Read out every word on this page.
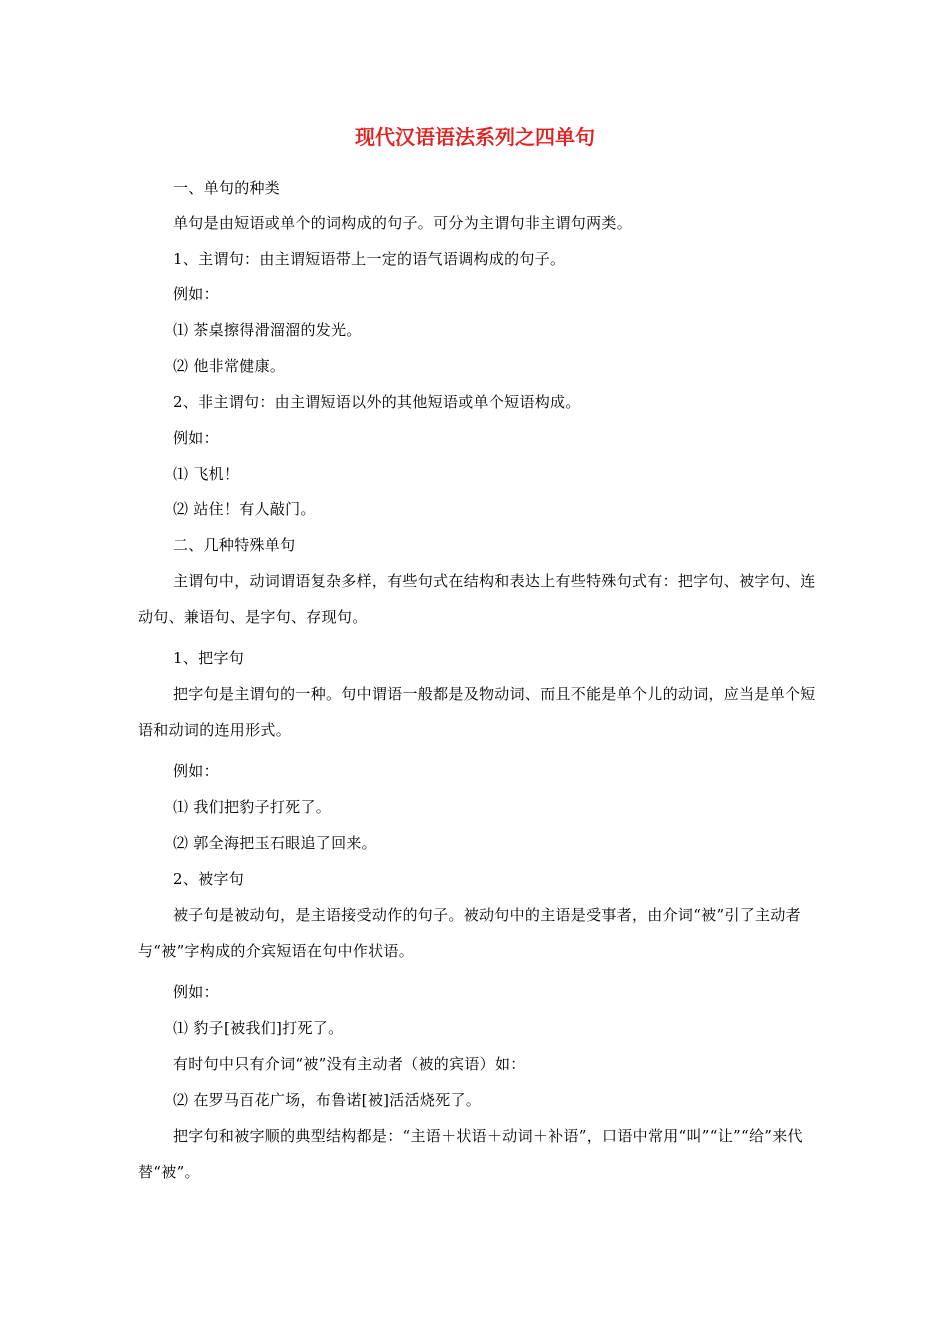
现代汉语语法系列之四单句

一、单句的种类

单句是由短语或单个的词构成的句子。可分为主谓句非主谓句两类。

1、主谓句：由主谓短语带上一定的语气语调构成的句子。

例如：

⑴ 茶桌擦得滑溜溜的发光。

⑵ 他非常健康。

2、非主谓句：由主谓短语以外的其他短语或单个短语构成。

例如：

⑴ 飞机！

⑵ 站住！有人敲门。

二、几种特殊单句

主谓句中，动词谓语复杂多样，有些句式在结构和表达上有些特殊句式有：把字句、被字句、连动句、兼语句、是字句、存现句。

1、把字句

把字句是主谓句的一种。句中谓语一般都是及物动词、而且不能是单个儿的动词，应当是单个短语和动词的连用形式。

例如：

⑴ 我们把豹子打死了。

⑵ 郭全海把玉石眼追了回来。

2、被字句

被子句是被动句，是主语接受动作的句子。被动句中的主语是受事者，由介词“被”引了主动者与“被”字构成的介宾短语在句中作状语。

例如：

⑴ 豹子[被我们]打死了。

有时句中只有介词“被”没有主动者（被的宾语）如：

⑵ 在罗马百花广场，布鲁诺[被]活活烧死了。

把字句和被字顺的典型结构都是：“主语＋状语＋动词＋补语”，口语中常用“叫”“让”“给”来代替“被”。
